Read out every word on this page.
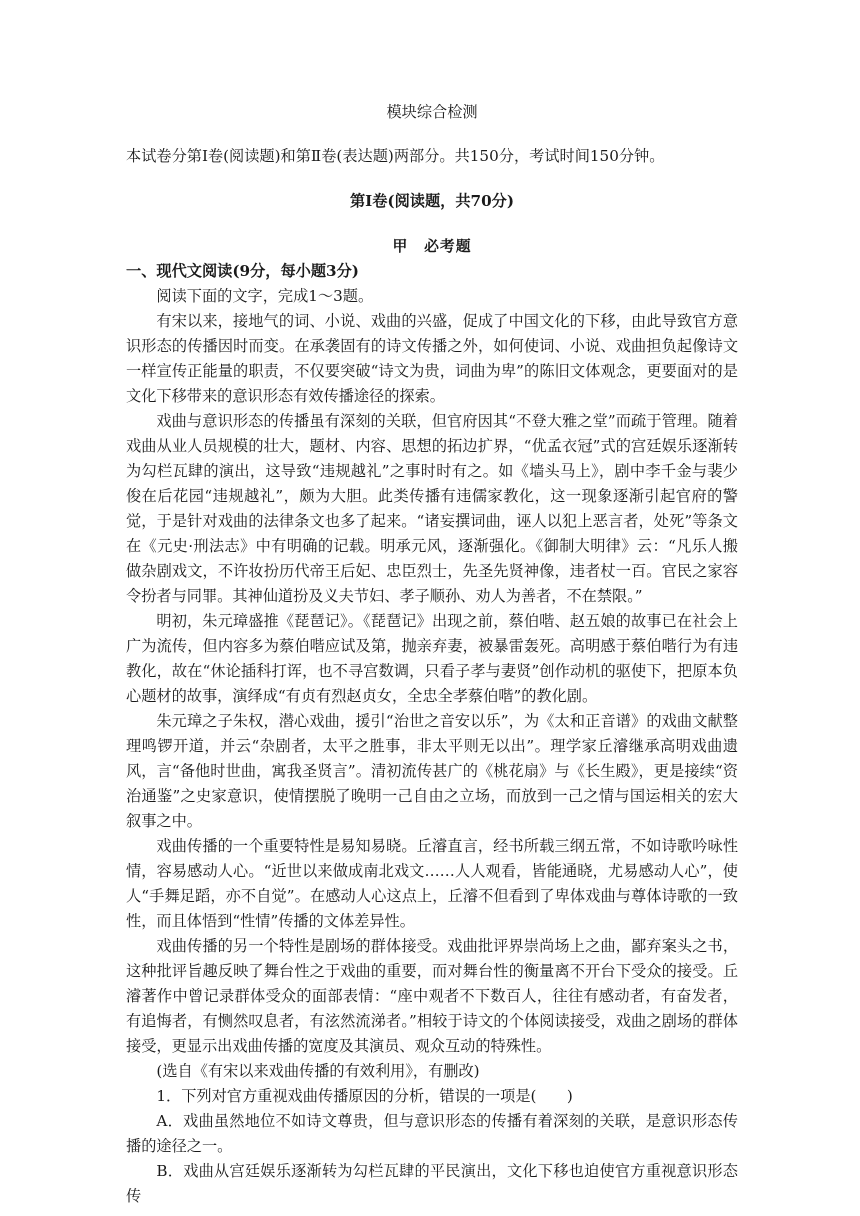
模块综合检测

本试卷分第Ⅰ卷(阅读题)和第Ⅱ卷(表达题)两部分。共150分，考试时间150分钟。

第Ⅰ卷(阅读题，共70分)
甲　必考题

一、现代文阅读(9分，每小题3分)

阅读下面的文字，完成1～3题。

有宋以来，接地气的词、小说、戏曲的兴盛，促成了中国文化的下移，由此导致官方意识形态的传播因时而变。在承袭固有的诗文传播之外，如何使词、小说、戏曲担负起像诗文一样宣传正能量的职责，不仅要突破“诗文为贵，词曲为卑”的陈旧文体观念，更要面对的是文化下移带来的意识形态有效传播途径的探索。

戏曲与意识形态的传播虽有深刻的关联，但官府因其“不登大雅之堂”而疏于管理。随着戏曲从业人员规模的壮大，题材、内容、思想的拓边扩界，“优孟衣冠”式的宫廷娱乐逐渐转为勾栏瓦肆的演出，这导致“违规越礼”之事时时有之。如《墙头马上》，剧中李千金与裴少俊在后花园“违规越礼”，颇为大胆。此类传播有违儒家教化，这一现象逐渐引起官府的警觉，于是针对戏曲的法律条文也多了起来。“诸妄撰词曲，诬人以犯上恶言者，处死”等条文在《元史·刑法志》中有明确的记载。明承元风，逐渐强化。《御制大明律》云：“凡乐人搬做杂剧戏文，不许妆扮历代帝王后妃、忠臣烈士，先圣先贤神像，违者杖一百。官民之家容令扮者与同罪。其神仙道扮及义夫节妇、孝子顺孙、劝人为善者，不在禁限。”

明初，朱元璋盛推《琵琶记》。《琵琶记》出现之前，蔡伯喈、赵五娘的故事已在社会上广为流传，但内容多为蔡伯喈应试及第，抛亲弃妻，被暴雷轰死。高明感于蔡伯喈行为有违教化，故在“休论插科打诨，也不寻宫数调，只看子孝与妻贤”创作动机的驱使下，把原本负心题材的故事，演绎成“有贞有烈赵贞女，全忠全孝蔡伯喈”的教化剧。

朱元璋之子朱权，潜心戏曲，援引“治世之音安以乐”，为《太和正音谱》的戏曲文献整理鸣锣开道，并云“杂剧者，太平之胜事，非太平则无以出”。理学家丘濬继承高明戏曲遗风，言“备他时世曲，寓我圣贤言”。清初流传甚广的《桃花扇》与《长生殿》，更是接续“资治通鉴”之史家意识，使情摆脱了晚明一己自由之立场，而放到一己之情与国运相关的宏大叙事之中。

戏曲传播的一个重要特性是易知易晓。丘濬直言，经书所载三纲五常，不如诗歌吟咏性情，容易感动人心。“近世以来做成南北戏文……人人观看，皆能通晓，尤易感动人心”，使人“手舞足蹈，亦不自觉”。在感动人心这点上，丘濬不但看到了卑体戏曲与尊体诗歌的一致性，而且体悟到“性情”传播的文体差异性。

戏曲传播的另一个特性是剧场的群体接受。戏曲批评界崇尚场上之曲，鄙弃案头之书，这种批评旨趣反映了舞台性之于戏曲的重要，而对舞台性的衡量离不开台下受众的接受。丘濬著作中曾记录群体受众的面部表情：“座中观者不下数百人，往往有感动者，有奋发者，有追悔者，有恻然叹息者，有泫然流涕者。”相较于诗文的个体阅读接受，戏曲之剧场的群体接受，更显示出戏曲传播的宽度及其演员、观众互动的特殊性。

(选自《有宋以来戏曲传播的有效利用》，有删改)

1．下列对官方重视戏曲传播原因的分析，错误的一项是(　　)

A．戏曲虽然地位不如诗文尊贵，但与意识形态的传播有着深刻的关联，是意识形态传播的途径之一。

B．戏曲从宫廷娱乐逐渐转为勾栏瓦肆的平民演出，文化下移也迫使官方重视意识形态传
